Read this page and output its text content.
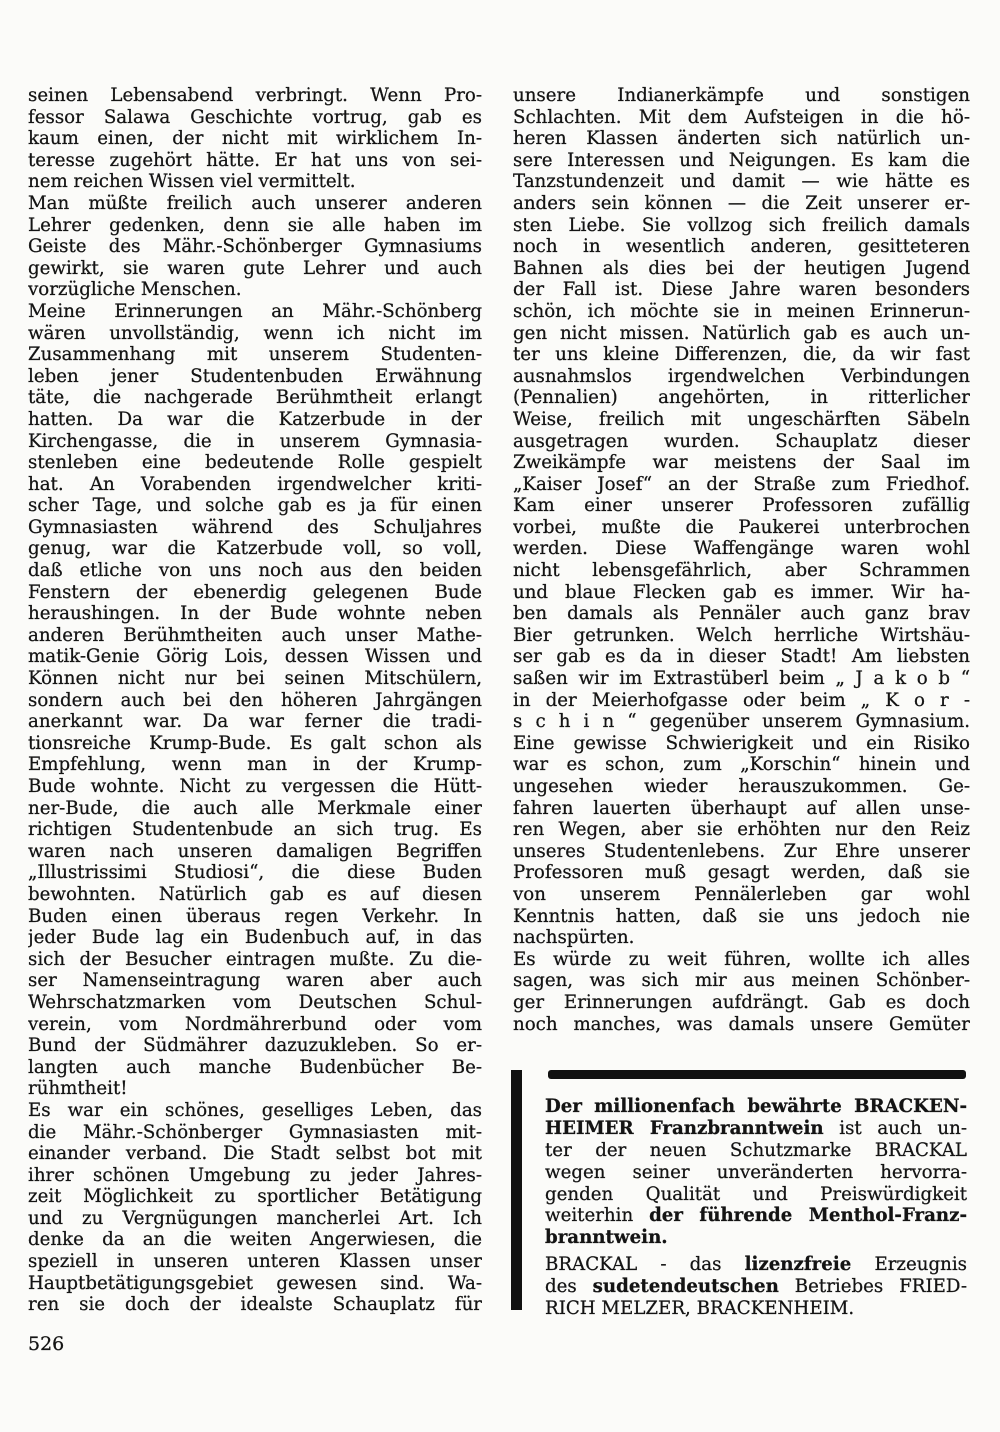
seinen Lebensabend verbringt. Wenn Pro-
fessor Salawa Geschichte vortrug, gab es
kaum einen, der nicht mit wirklichem In-
teresse zugehört hätte. Er hat uns von sei-
nem reichen Wissen viel vermittelt.
Man müßte freilich auch unserer anderen
Lehrer gedenken, denn sie alle haben im
Geiste des Mähr.-Schönberger Gymnasiums
gewirkt, sie waren gute Lehrer und auch
vorzügliche Menschen.
Meine Erinnerungen an Mähr.-Schönberg
wären unvollständig, wenn ich nicht im
Zusammenhang mit unserem Studenten-
leben jener Studentenbuden Erwähnung
täte, die nachgerade Berühmtheit erlangt
hatten. Da war die Katzerbude in der
Kirchengasse, die in unserem Gymnasia-
stenleben eine bedeutende Rolle gespielt
hat. An Vorabenden irgendwelcher kriti-
scher Tage, und solche gab es ja für einen
Gymnasiasten während des Schuljahres
genug, war die Katzerbude voll, so voll,
daß etliche von uns noch aus den beiden
Fenstern der ebenerdig gelegenen Bude
heraushingen. In der Bude wohnte neben
anderen Berühmtheiten auch unser Mathe-
matik-Genie Görig Lois, dessen Wissen und
Können nicht nur bei seinen Mitschülern,
sondern auch bei den höheren Jahrgängen
anerkannt war. Da war ferner die tradi-
tionsreiche Krump-Bude. Es galt schon als
Empfehlung, wenn man in der Krump-
Bude wohnte. Nicht zu vergessen die Hütt-
ner-Bude, die auch alle Merkmale einer
richtigen Studentenbude an sich trug. Es
waren nach unseren damaligen Begriffen
„Illustrissimi Studiosi“, die diese Buden
bewohnten. Natürlich gab es auf diesen
Buden einen überaus regen Verkehr. In
jeder Bude lag ein Budenbuch auf, in das
sich der Besucher eintragen mußte. Zu die-
ser Namenseintragung waren aber auch
Wehrschatzmarken vom Deutschen Schul-
verein, vom Nordmährerbund oder vom
Bund der Südmährer dazuzukleben. So er-
langten auch manche Budenbücher Be-
rühmtheit!
Es war ein schönes, geselliges Leben, das
die Mähr.-Schönberger Gymnasiasten mit-
einander verband. Die Stadt selbst bot mit
ihrer schönen Umgebung zu jeder Jahres-
zeit Möglichkeit zu sportlicher Betätigung
und zu Vergnügungen mancherlei Art. Ich
denke da an die weiten Angerwiesen, die
speziell in unseren unteren Klassen unser
Hauptbetätigungsgebiet gewesen sind. Wa-
ren sie doch der idealste Schauplatz für
unsere Indianerkämpfe und sonstigen
Schlachten. Mit dem Aufsteigen in die hö-
heren Klassen änderten sich natürlich un-
sere Interessen und Neigungen. Es kam die
Tanzstundenzeit und damit — wie hätte es
anders sein können — die Zeit unserer er-
sten Liebe. Sie vollzog sich freilich damals
noch in wesentlich anderen, gesitteteren
Bahnen als dies bei der heutigen Jugend
der Fall ist. Diese Jahre waren besonders
schön, ich möchte sie in meinen Erinnerun-
gen nicht missen. Natürlich gab es auch un-
ter uns kleine Differenzen, die, da wir fast
ausnahmslos irgendwelchen Verbindungen
(Pennalien) angehörten, in ritterlicher
Weise, freilich mit ungeschärften Säbeln
ausgetragen wurden. Schauplatz dieser
Zweikämpfe war meistens der Saal im
„Kaiser Josef“ an der Straße zum Friedhof.
Kam einer unserer Professoren zufällig
vorbei, mußte die Paukerei unterbrochen
werden. Diese Waffengänge waren wohl
nicht lebensgefährlich, aber Schrammen
und blaue Flecken gab es immer. Wir ha-
ben damals als Pennäler auch ganz brav
Bier getrunken. Welch herrliche Wirtshäu-
ser gab es da in dieser Stadt! Am liebsten
saßen wir im Extrastüberl beim „ J a k o b “
in der Meierhofgasse oder beim „ K o r -
s c h i n “ gegenüber unserem Gymnasium.
Eine gewisse Schwierigkeit und ein Risiko
war es schon, zum „Korschin“ hinein und
ungesehen wieder herauszukommen. Ge-
fahren lauerten überhaupt auf allen unse-
ren Wegen, aber sie erhöhten nur den Reiz
unseres Studentenlebens. Zur Ehre unserer
Professoren muß gesagt werden, daß sie
von unserem Pennälerleben gar wohl
Kenntnis hatten, daß sie uns jedoch nie
nachspürten.
Es würde zu weit führen, wollte ich alles
sagen, was sich mir aus meinen Schönber-
ger Erinnerungen aufdrängt. Gab es doch
noch manches, was damals unsere Gemüter
Der millionenfach bewährte BRACKEN-
HEIMER Franzbranntwein ist auch un-
ter der neuen Schutzmarke BRACKAL
wegen seiner unveränderten hervorra-
genden Qualität und Preiswürdigkeit
weiterhin der führende Menthol-Franz-
branntwein.
BRACKAL - das lizenzfreie Erzeugnis
des sudetendeutschen Betriebes FRIED-
RICH MELZER, BRACKENHEIM.
526
